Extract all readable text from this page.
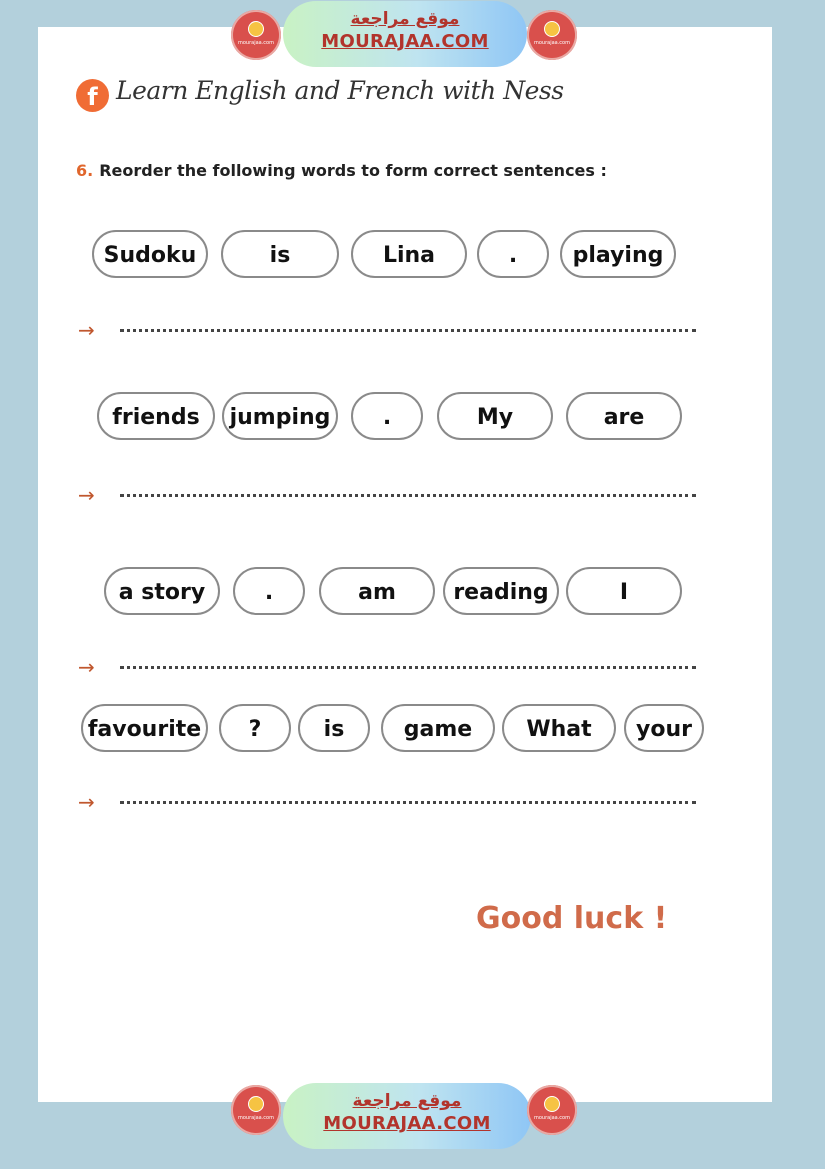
mourajaa.com
موقع مراجعة
MOURAJAA.COM	mourajaa.com
f Learn English and French with Ness
6. Reorder the following words to form correct sentences :
Sudoku	is	Lina	.	playing
→
friends	jumping	.	My	are
→
a story	.	am	reading	I
→
favourite	?	is	game	What	your
→
Good luck !
mourajaa.com
موقع مراجعة
MOURAJAA.COM	mourajaa.com
